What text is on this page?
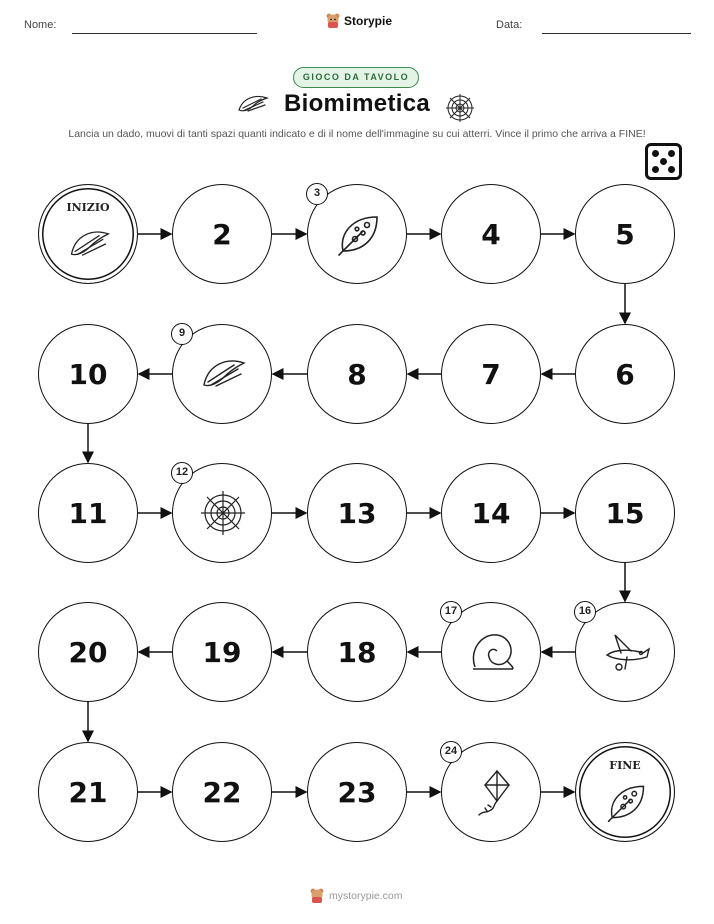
Nome:	Storypie	Data:
GIOCO DA TAVOLO
Biomimetica
Lancia un dado, muovi di tanti spazi quanti indicato e di il nome dell'immagine su cui atterri. Vince il primo che arriva a FINE!
INIZIO
2
3
4	5
6
7
8
9
10
11
12
13	14	15
16
17
18
19
20
21	22	23
24
FINE
mystorypie.com
